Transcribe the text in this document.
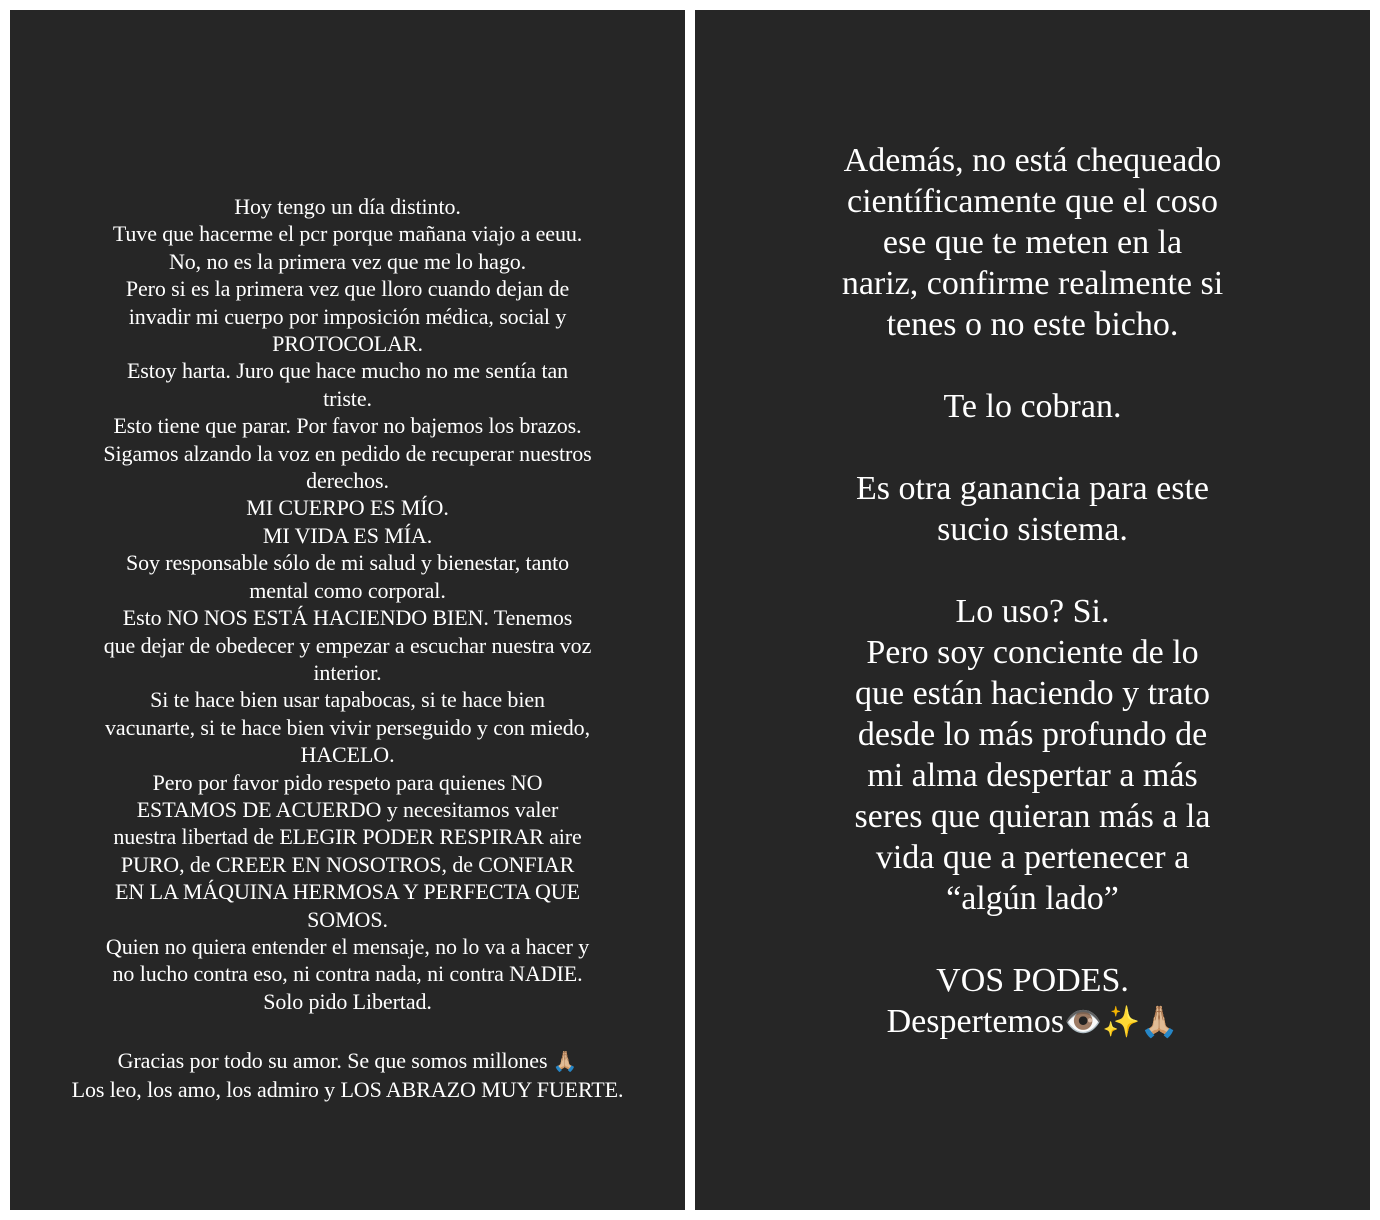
Hoy tengo un día distinto.
Tuve que hacerme el pcr porque mañana viajo a eeuu.
No, no es la primera vez que me lo hago.
Pero si es la primera vez que lloro cuando dejan de
invadir mi cuerpo por imposición médica, social y
PROTOCOLAR.
Estoy harta. Juro que hace mucho no me sentía tan
triste.
Esto tiene que parar. Por favor no bajemos los brazos.
Sigamos alzando la voz en pedido de recuperar nuestros
derechos.
MI CUERPO ES MÍO.
MI VIDA ES MÍA.
Soy responsable sólo de mi salud y bienestar, tanto
mental como corporal.
Esto NO NOS ESTÁ HACIENDO BIEN. Tenemos
que dejar de obedecer y empezar a escuchar nuestra voz
interior.
Si te hace bien usar tapabocas, si te hace bien
vacunarte, si te hace bien vivir perseguido y con miedo,
HACELO.
Pero por favor pido respeto para quienes NO
ESTAMOS DE ACUERDO y necesitamos valer
nuestra libertad de ELEGIR PODER RESPIRAR aire
PURO, de CREER EN NOSOTROS, de CONFIAR
EN LA MÁQUINA HERMOSA Y PERFECTA QUE
SOMOS.
Quien no quiera entender el mensaje, no lo va a hacer y
no lucho contra eso, ni contra nada, ni contra NADIE.
Solo pido Libertad.
Gracias por todo su amor. Se que somos millones 🙏🏼
Los leo, los amo, los admiro y LOS ABRAZO MUY FUERTE.
Además, no está chequeado
científicamente que el coso
ese que te meten en la
nariz, confirme realmente si
tenes o no este bicho.
Te lo cobran.
Es otra ganancia para este
sucio sistema.
Lo uso? Si.
Pero soy conciente de lo
que están haciendo y trato
desde lo más profundo de
mi alma despertar a más
seres que quieran más a la
vida que a pertenecer a
“algún lado”
VOS PODES.
Despertemos👁️✨🙏🏼
